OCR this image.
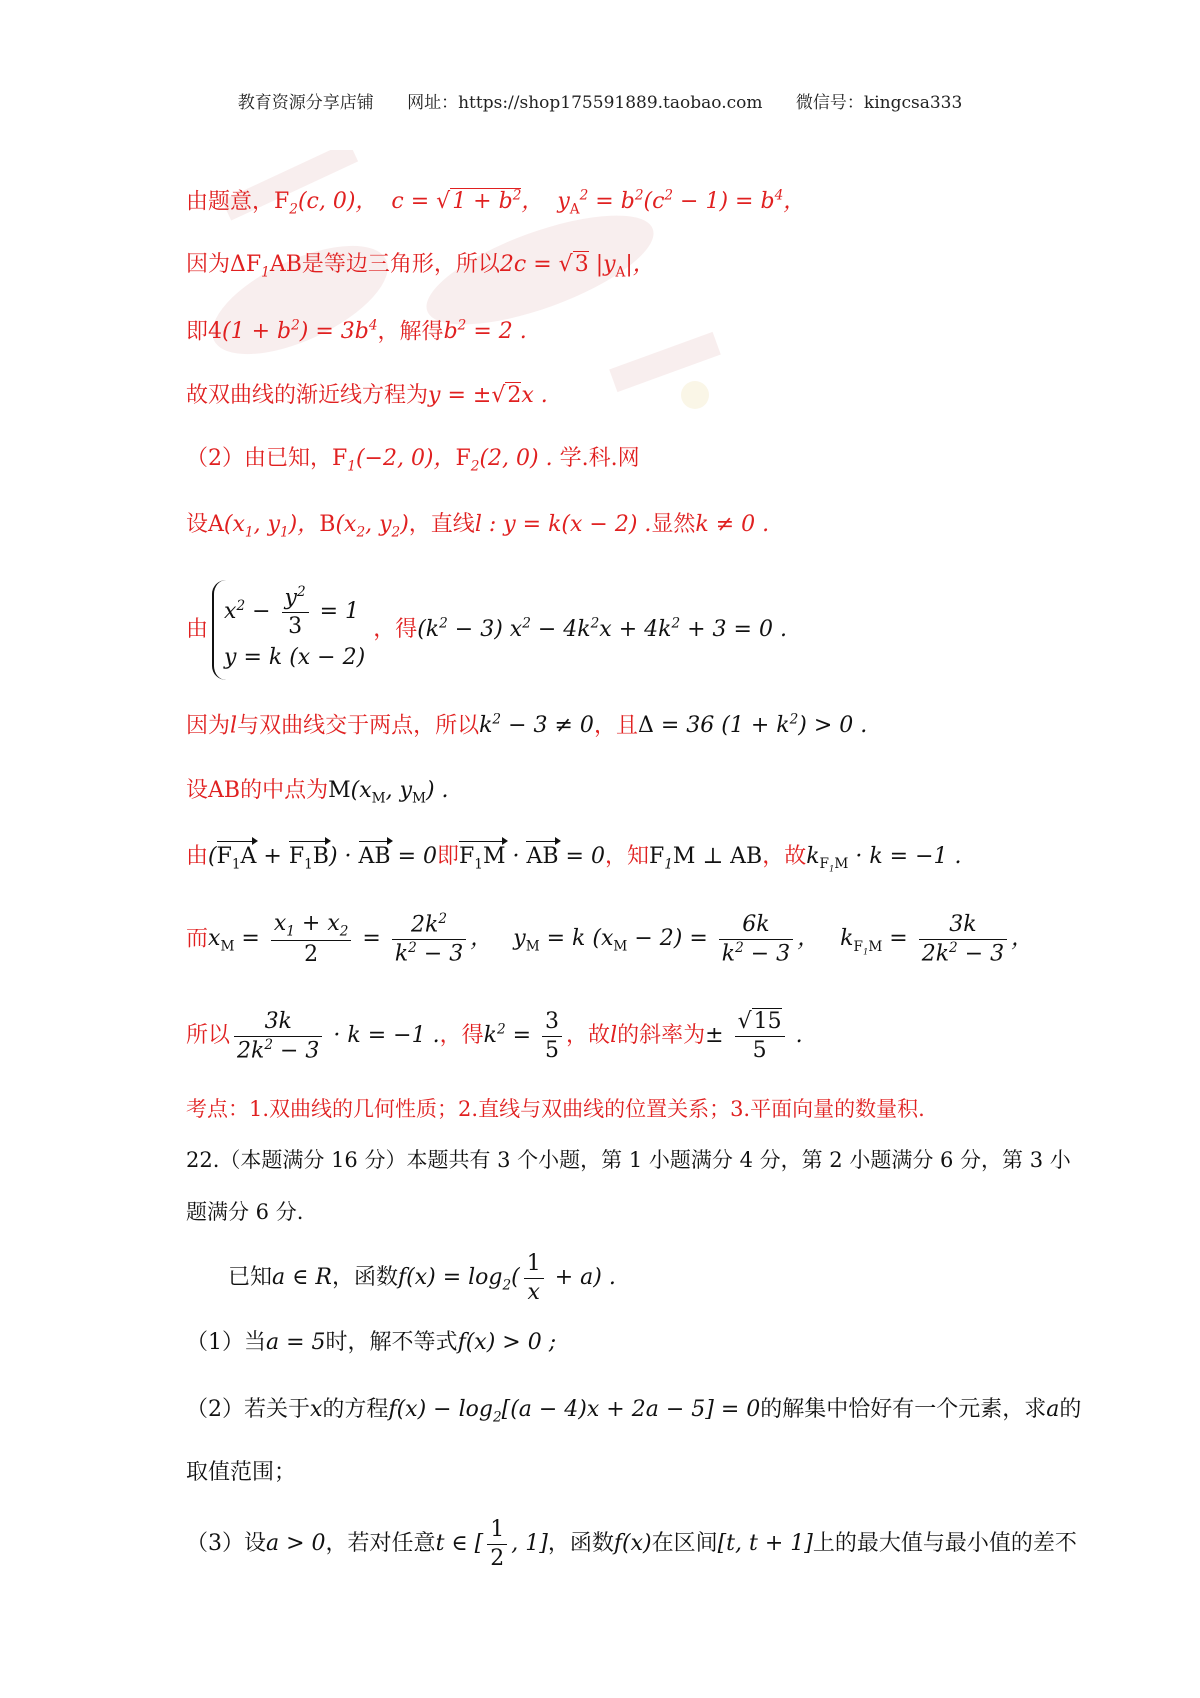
教育资源分享店铺 网址：https://shop175591889.taobao.com 微信号：kingcsa333
由题意，$F_2(c$, 0)，  $c = √1 + b^2$，  $y_A^2 = b^2(c^2 - 1) = b^4$，
因为$\Delta F_1AB$是等边三角形，所以2c = √3 $|y_A|$，
即$4(1 + b^2) = 3b^4$，解得$b^2 = 2$ .
故双曲线的渐近线方程为y = ±√2x .
（2）由已知，$F_1(-2$, 0)，$F_2(2$, 0) . 学.科.网
设$A(x_1$, $y_1$)，$B(x_2$, $y_2$)，直线l : y = k(x − 2) .显然k ≠ 0 .
由
$x^2 - \frac{y^2}{3} = 1$
y = k (x − 2)
，得$(k^2 - 3) x^2 - 4k^2x + 4k^2 + 3 = 0$ .
因为l与双曲线交于两点，所以$k^2 - 3 \ne 0$，且Δ = 36 $(1 + k^2) > 0$ .
设AB的中点为$M(x_M$, $y_M$) .
由$(F_1A + F_1B)$ · AB = 0即$F_1M$ · AB = 0，知$F_1M$ ⊥ AB，故$k_{F_1M} \cdot k = -1$ .
而$x_M = \frac{x_1 + x_2}{2} = \frac{2k^2}{k^2 - 3}$ ，   $y_M = k$ $(x_M - 2) = \frac{6k}{k^2 - 3}$ ，   $k_{F_1M} = \frac{3k}{2k^2 - 3}$ ，
所以 $\frac{3k}{2k^2 - 3} \cdot k = -1$ .，得$k^2 = \frac{3}{5}$ ，故l的斜率为± $\frac{√15}{5}$ .
考点：1.双曲线的几何性质；2.直线与双曲线的位置关系；3.平面向量的数量积.
22.（本题满分 16 分）本题共有 3 个小题，第 1 小题满分 4 分，第 2 小题满分 6 分，第 3 小
题满分 6 分.
已知a ∈ R，函数$f(x) = \log_2( \frac{1}{x} + a)$ .
（1）当a = 5时，解不等式f(x) > 0 ;
（2）若关于x的方程$f(x) - \log_2[(a - 4)x + 2a - 5] = 0$的解集中恰好有一个元素，求a的
取值范围；
（3）设a > 0，若对任意t ∈ [ $\frac{1}{2}$ , 1]，函数f(x)在区间[t, t + 1]上的最大值与最小值的差不
